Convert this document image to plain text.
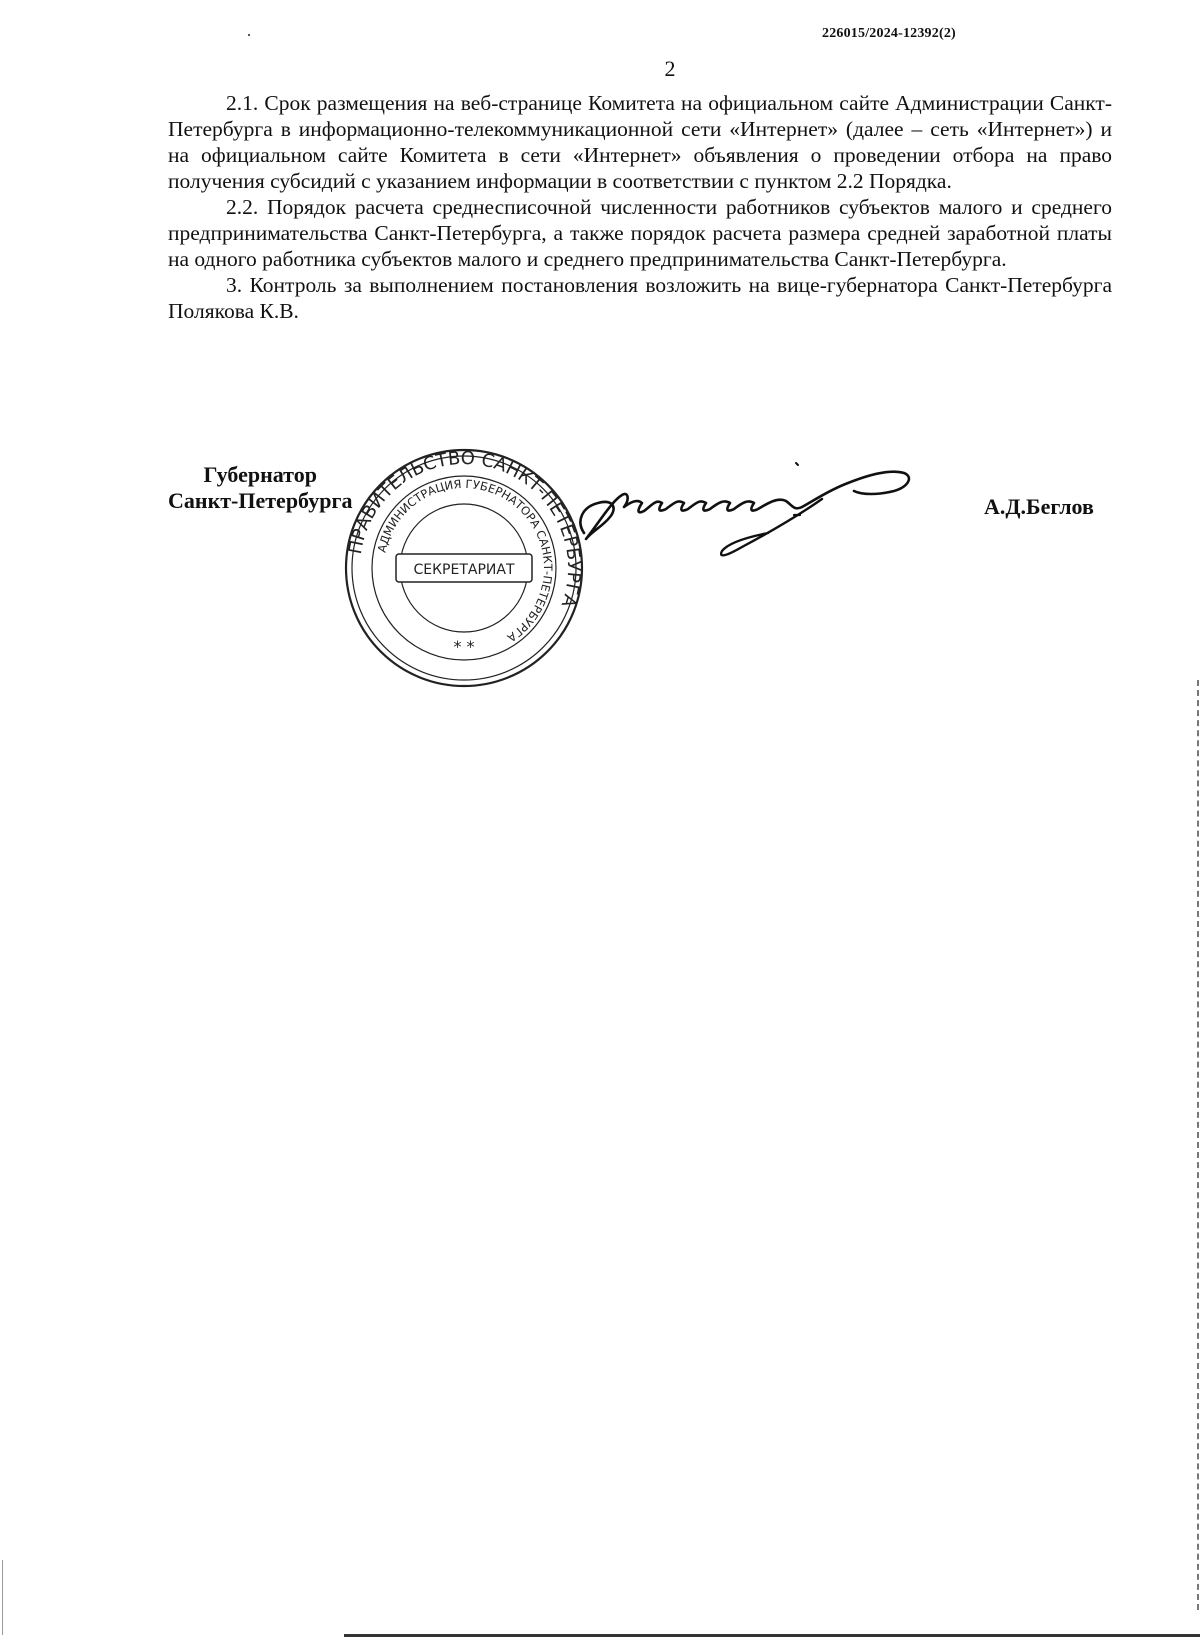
226015/2024-12392(2)
2

2.1. Срок размещения на веб-странице Комитета на официальном сайте Администрации Санкт-Петербурга в информационно-телекоммуникационной сети «Интернет» (далее – сеть «Интернет») и на официальном сайте Комитета в сети «Интернет» объявления о проведении отбора на право получения субсидий с указанием информации в соответствии с пунктом 2.2 Порядка.

2.2. Порядок расчета среднесписочной численности работников субъектов малого и среднего предпринимательства Санкт-Петербурга, а также порядок расчета размера средней заработной платы на одного работника субъектов малого и среднего предпринимательства Санкт-Петербурга.

3. Контроль за выполнением постановления возложить на вице-губернатора Санкт-Петербурга Полякова К.В.

Губернатор
Санкт-Петербурга
ПРАВИТЕЛЬСТВО САНКТ-ПЕТЕРБУРГА
АДМИНИСТРАЦИЯ ГУБЕРНАТОРА САНКТ-ПЕТЕРБУРГА
СЕКРЕТАРИАТ
* *
А.Д.Беглов
